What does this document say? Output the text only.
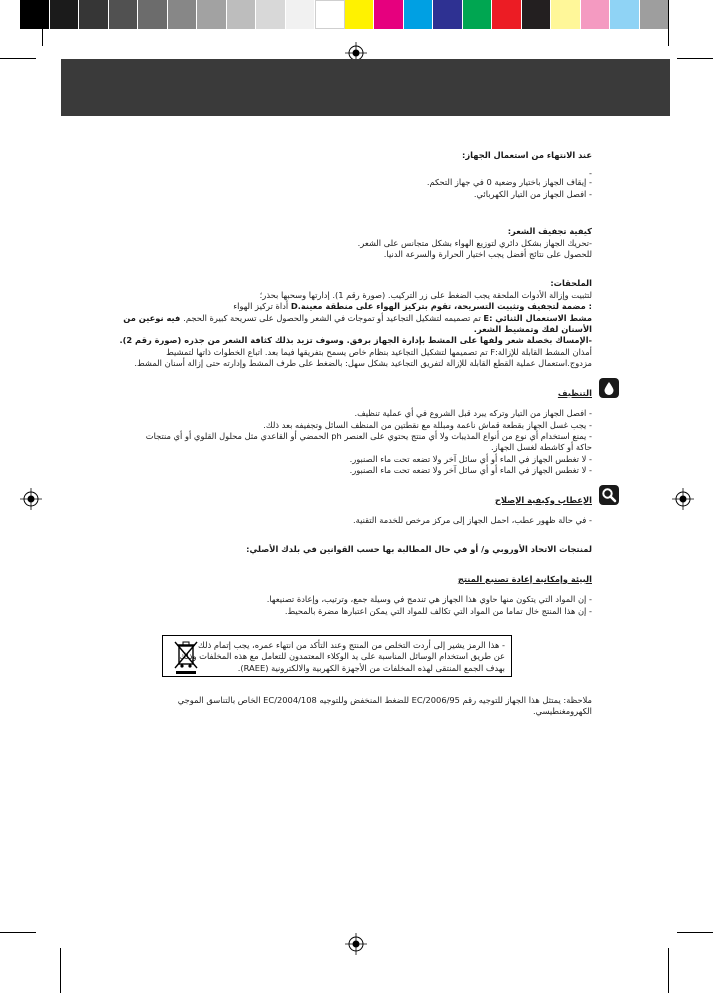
عند الانتهاء من استعمال الجهاز:

-

- إيقاف الجهاز باختيار وضعية 0 في جهاز التحكم.

- افصل الجهاز من التيار الكهربائي.

كيفية تجفيف الشعر:

-تحريك الجهاز بشكل دائري لتوزيع الهواء بشكل متجانس على الشعر.

للحصول على نتائج أفضل يجب اختيار الحرارة والسرعة الدنيا.

الملحقات:

لتثبيت وإزالة الأدوات الملحقة يجب الضغط على زر التركيب. (صورة رقم 1). إدارتها وسحبها بحذر؛

: مضمة لتجفيف وتثبيت التسريحة، تقوم بتركيز الهواء على منطقة معينة.D أداة تركيز الهواء

مشط الاستعمال الثنائي :E تم تصميمه لتشكيل التجاعيد أو تموجات في الشعر والحصول على تسريحة كبيرة الحجم. فيه نوعين من

الأسنان لفك وتمشيط الشعر.

-الإمساك بخصلة شعر ولفها على المشط بإدارة الجهاز برفق. وسوف تزيد بذلك كثافة الشعر من جذره (صورة رقم 2).

أمذان المشط القابلة للإزالة:F تم تصميمها لتشكيل التجاعيد بنظام خاص يسمح بتفريقها فيما بعد. اتباع الخطوات ذاتها لتمشيط

مزدوج.استعمال عملية القطع القابلة للإزالة لتفريق التجاعيد بشكل سهل: بالضغط على طرف المشط وإدارته حتى إزالة أسنان المشط.

التنظيف

- افصل الجهاز من التيار وتركه يبرد قبل الشروع في أي عملية تنظيف.

- يجب غسل الجهاز بقطعة قماش ناعمة ومبللة مع نقطتين من المنظف السائل وتجفيفه بعد ذلك.

- يمنع استخدام أي نوع من أنواع المذيبات ولا أي منتج يحتوي على العنصر ph الحمضي أو القاعدي مثل محلول القلوي أو أي منتجات

حاكة أو كاشطة لغسل الجهاز.

- لا تغطس الجهاز في الماء أو أي سائل آخر ولا تضعه تحت ماء الصنبور.

- لا تغطس الجهاز في الماء أو أي سائل آخر ولا تضعه تحت ماء الصنبور.

الإعطاب وكيفية الإصلاح

- في حالة ظهور عطب، احمل الجهاز إلى مركز مرخص للخدمة التقنية.

لمنتجات الاتحاد الأوروبي و/ أو في حال المطالبة بها حسب القوانين في بلدك الأصلي:

البيئة وإمكانية إعادة تصنيع المنتج

- إن المواد التي يتكون منها حاوي هذا الجهاز هي تندمج في وسيلة جمع، وترتيب، وإعادة تصنيعها.

- إن هذا المنتج خال تماما من المواد التي تكالف للمواد التي يمكن اعتبارها مضرة بالمحيط.

- هذا الرمز يشير إلى أردت التخلص من المنتج وعند التأكد من انتهاء عمره، يجب إتمام ذلك

عن طريق استخدام الوسائل المناسبة على يد الوكلاء المعتمدون للتعامل مع هذه المخلفات وذلك

بهدف الجمع المنتقى لهذه المخلفات من الأجهزة الكهربية والالكترونية (RAEE).

ملاحظة: يمتثل هذا الجهاز للتوجيه رقم EC/2006/95 للضغط المنخفض وللتوجيه EC/2004/108 الخاص بالتناسق الموجي

الكهرومغنطيسي.
